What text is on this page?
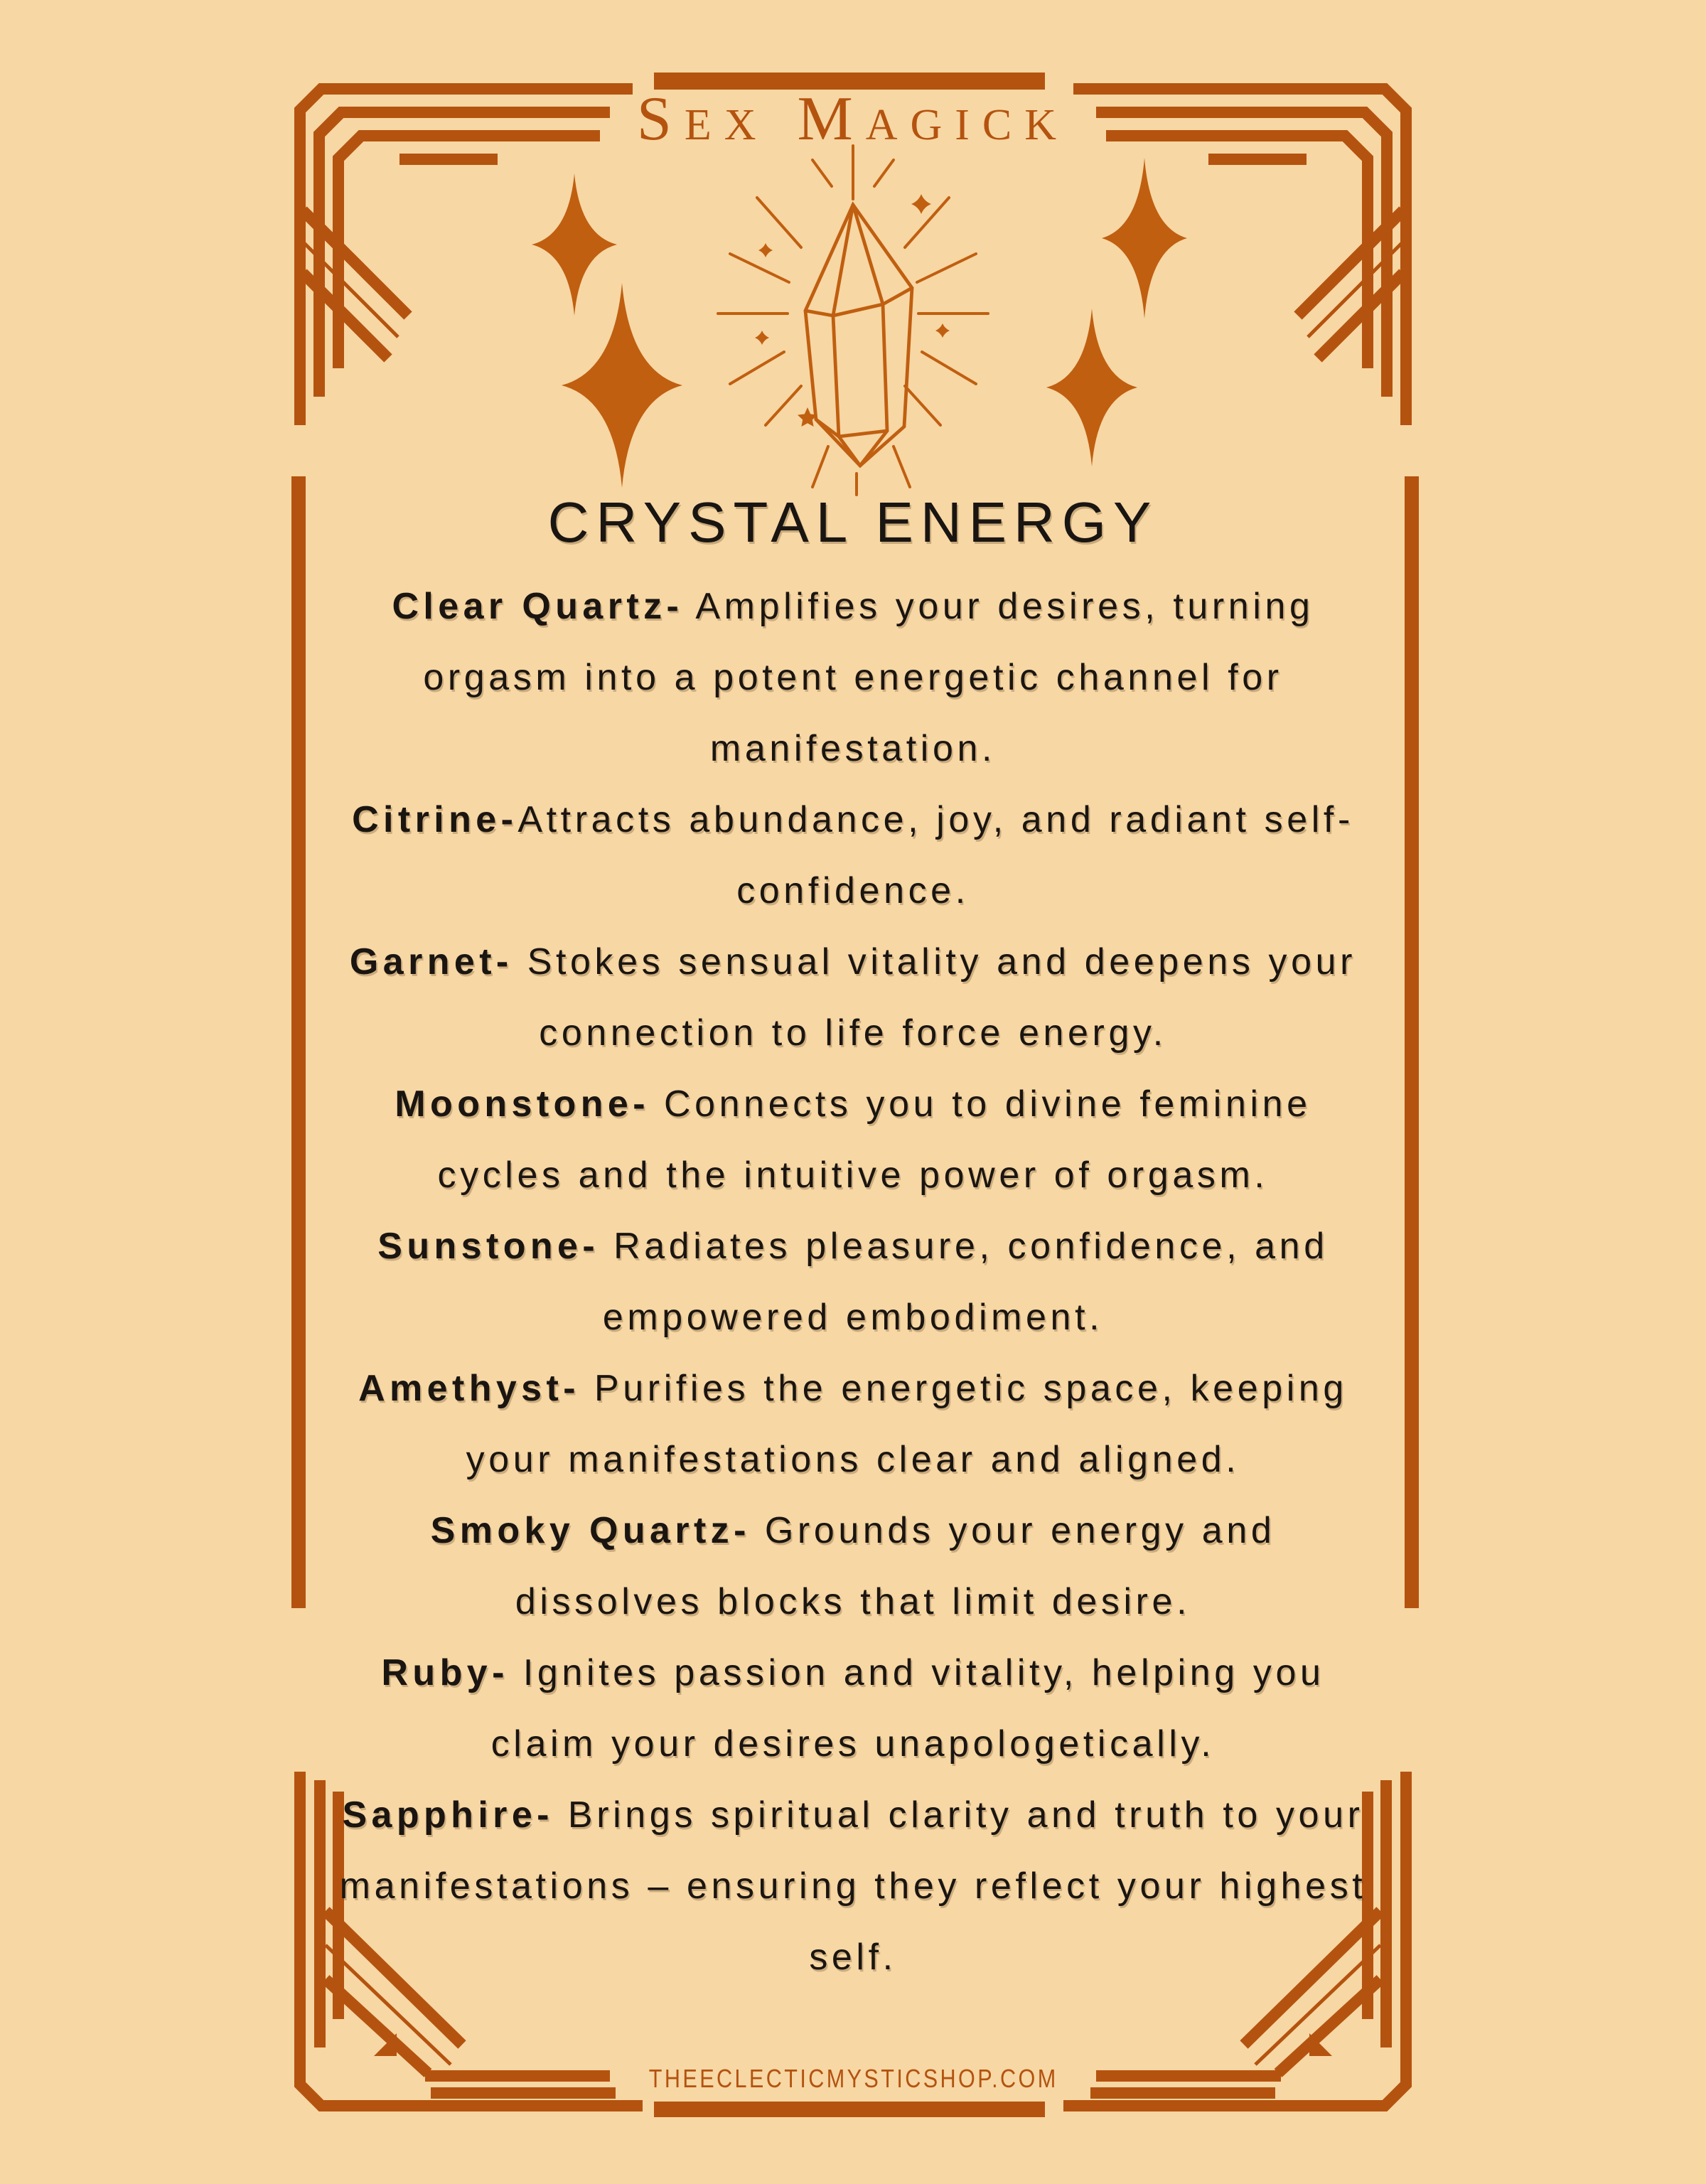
Sex Magick
CRYSTAL ENERGY
Clear Quartz- Amplifies your desires, turning orgasm into a potent energetic channel for manifestation.
Citrine-Attracts abundance, joy, and radiant self-confidence.
Garnet- Stokes sensual vitality and deepens your connection to life force energy.
Moonstone- Connects you to divine feminine cycles and the intuitive power of orgasm.
Sunstone- Radiates pleasure, confidence, and empowered embodiment.
Amethyst- Purifies the energetic space, keeping your manifestations clear and aligned.
Smoky Quartz- Grounds your energy and dissolves blocks that limit desire.
Ruby- Ignites passion and vitality, helping you claim your desires unapologetically.
Sapphire- Brings spiritual clarity and truth to your manifestations – ensuring they reflect your highest self.
THEECLECTICMYSTICSHOP.COM
